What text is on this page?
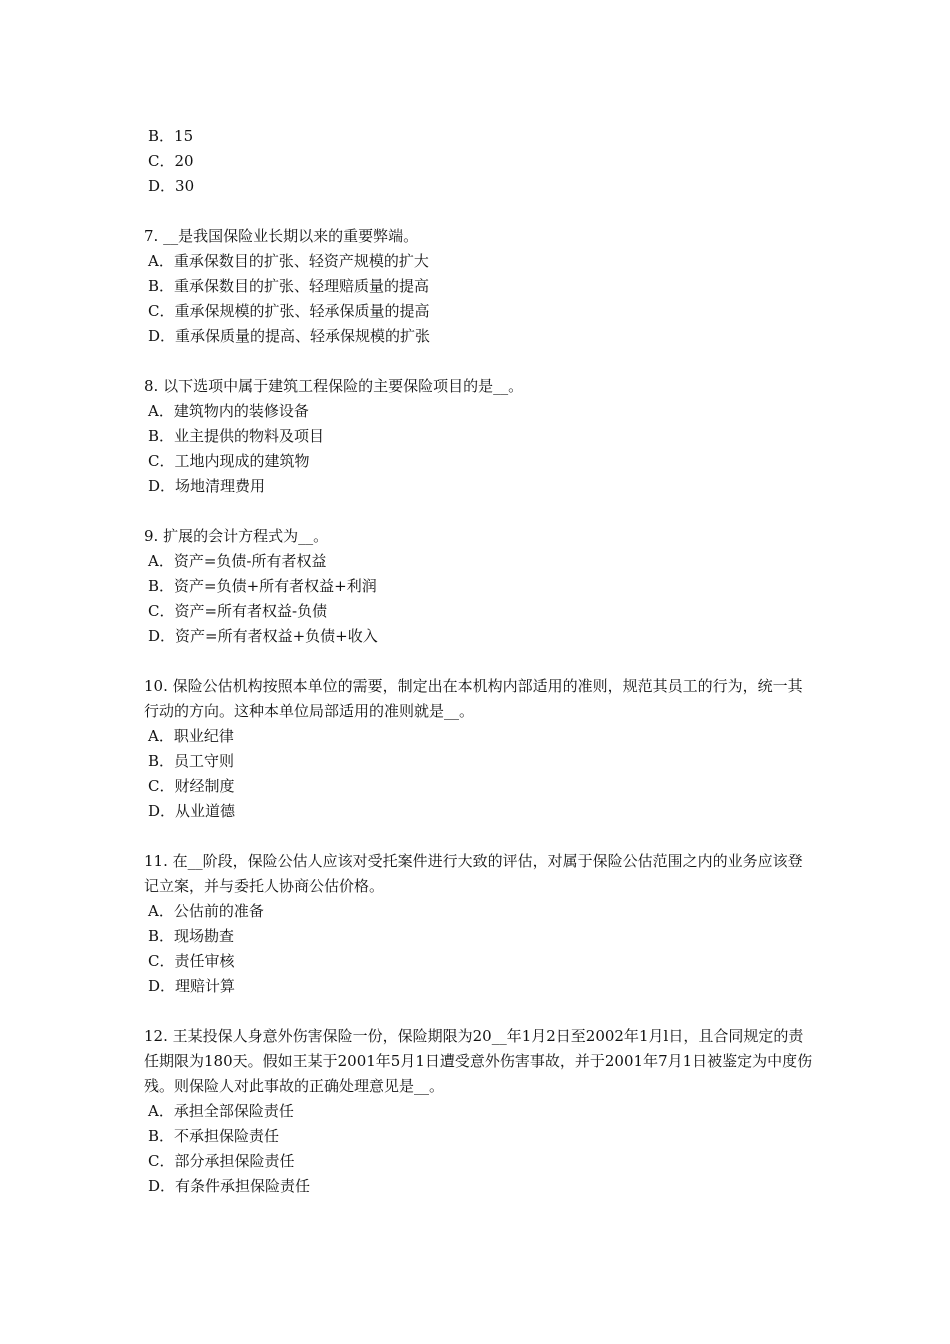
B．15
C．20
D．30
7. __是我国保险业长期以来的重要弊端。
A．重承保数目的扩张、轻资产规模的扩大
B．重承保数目的扩张、轻理赔质量的提高
C．重承保规模的扩张、轻承保质量的提高
D．重承保质量的提高、轻承保规模的扩张
8. 以下选项中属于建筑工程保险的主要保险项目的是__。
A．建筑物内的装修设备
B．业主提供的物料及项目
C．工地内现成的建筑物
D．场地清理费用
9. 扩展的会计方程式为__。
A．资产=负债-所有者权益
B．资产=负债+所有者权益+利润
C．资产=所有者权益-负债
D．资产=所有者权益+负债+收入
10. 保险公估机构按照本单位的需要，制定出在本机构内部适用的准则，规范其员工的行为，统一其行动的方向。这种本单位局部适用的准则就是__。
A．职业纪律
B．员工守则
C．财经制度
D．从业道德
11. 在__阶段，保险公估人应该对受托案件进行大致的评估，对属于保险公估范围之内的业务应该登记立案，并与委托人协商公估价格。
A．公估前的准备
B．现场勘查
C．责任审核
D．理赔计算
12. 王某投保人身意外伤害保险一份，保险期限为20__年1月2日至2002年1月l日，且合同规定的责任期限为180天。假如王某于2001年5月1日遭受意外伤害事故，并于2001年7月1日被鉴定为中度伤残。则保险人对此事故的正确处理意见是__。
A．承担全部保险责任
B．不承担保险责任
C．部分承担保险责任
D．有条件承担保险责任
